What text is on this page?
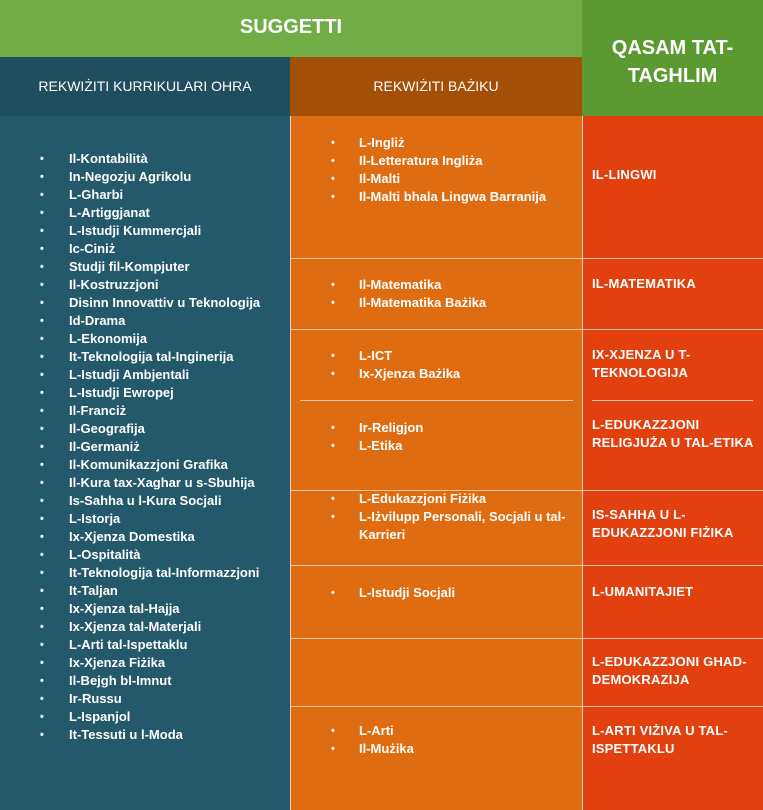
SUGGETTI
QASAM TAT-TAGHLIM
REKWIŻITI KURRIKULARI OHRA	REKWIŻITI BAŻIKU
• Il-Kontabilità
• In-Negozju Agrikolu
• L-Gharbi
• L-Artiggjanat
• L-Istudji Kummercjali
• Ic-Ciniż
• Studji fil-Kompjuter
• Il-Kostruzzjoni
• Disinn Innovattiv u Teknologija
• Id-Drama
• L-Ekonomija
• It-Teknologija tal-Inginerija
• L-Istudji Ambjentali
• L-Istudji Ewropej
• Il-Franciż
• Il-Geografija
• Il-Germaniż
• Il-Komunikazzjoni Grafika
• Il-Kura tax-Xaghar u s-Sbuhija
• Is-Sahha u l-Kura Socjali
• L-Istorja
• Ix-Xjenza Domestika
• L-Ospitalità
• It-Teknologija tal-Informazzjoni
• It-Taljan
• Ix-Xjenza tal-Hajja
• Ix-Xjenza tal-Materjali
• L-Arti tal-Ispettaklu
• Ix-Xjenza Fiżika
• Il-Bejgh bl-Imnut
• Ir-Russu
• L-Ispanjol
• It-Tessuti u l-Moda
• L-Ingliż
• Il-Letteratura Ingliża
• Il-Malti
• Il-Malti bhala Lingwa Barranija
• Il-Matematika
• Il-Matematika Bażika
• L-ICT
• Ix-Xjenza Bażika
• Ir-Religjon
• L-Etika
• L-Edukazzjoni Fiżika
• L-Iżvilupp Personali, Socjali u tal-Karrieri
• L-Istudji Socjali
• L-Arti
• Il-Mużika
IL-LINGWI
IL-MATEMATIKA
IX-XJENZA U T-TEKNOLOGIJA
L-EDUKAZZJONI RELIGJUŻA U TAL-ETIKA
IS-SAHHA U L-EDUKAZZJONI FIŻIKA
L-UMANITAJIET
L-EDUKAZZJONI GHAD-DEMOKRAZIJA
L-ARTI VIŻIVA U TAL-ISPETTAKLU
